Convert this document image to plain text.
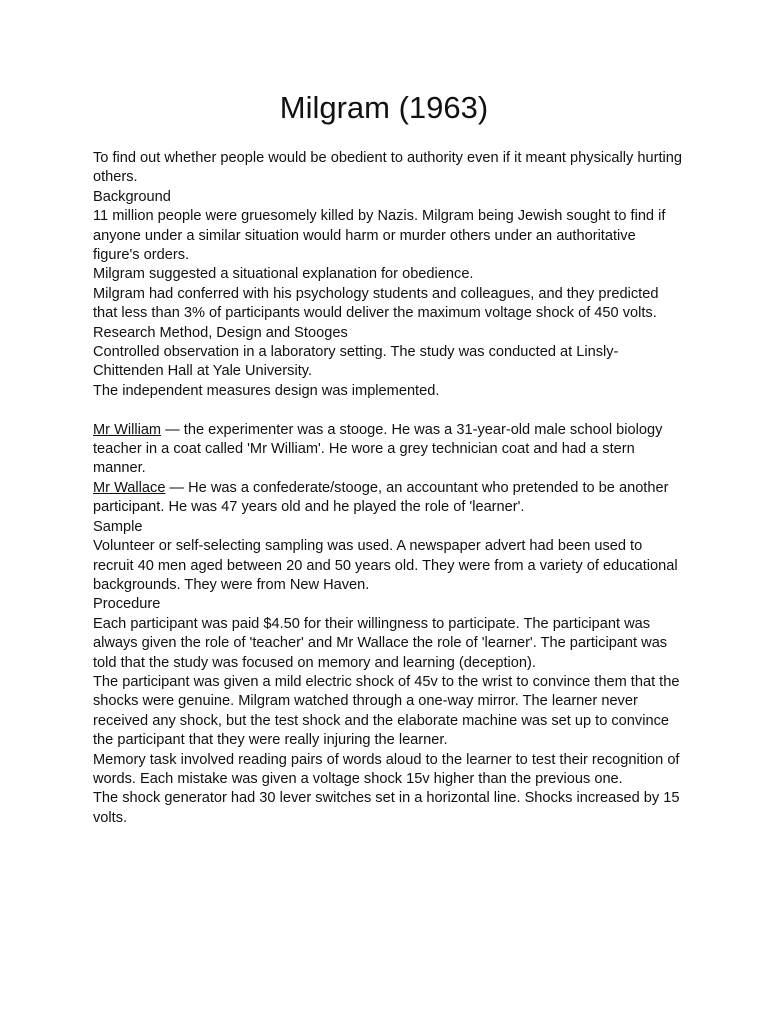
Milgram (1963)

To find out whether people would be obedient to authority even if it meant physically hurting others.

Background

11 million people were gruesomely killed by Nazis. Milgram being Jewish sought to find if anyone under a similar situation would harm or murder others under an authoritative figure's orders.

Milgram suggested a situational explanation for obedience.

Milgram had conferred with his psychology students and colleagues, and they predicted that less than 3% of participants would deliver the maximum voltage shock of 450 volts.

Research Method, Design and Stooges

Controlled observation in a laboratory setting. The study was conducted at Linsly-Chittenden Hall at Yale University.

The independent measures design was implemented.

Mr William — the experimenter was a stooge. He was a 31-year-old male school biology teacher in a coat called 'Mr William'. He wore a grey technician coat and had a stern manner.

Mr Wallace — He was a confederate/stooge, an accountant who pretended to be another participant. He was 47 years old and he played the role of 'learner'.

Sample

Volunteer or self-selecting sampling was used. A newspaper advert had been used to recruit 40 men aged between 20 and 50 years old. They were from a variety of educational backgrounds. They were from New Haven.

Procedure

Each participant was paid $4.50 for their willingness to participate. The participant was always given the role of 'teacher' and Mr Wallace the role of 'learner'. The participant was told that the study was focused on memory and learning (deception).

The participant was given a mild electric shock of 45v to the wrist to convince them that the shocks were genuine. Milgram watched through a one-way mirror. The learner never received any shock, but the test shock and the elaborate machine was set up to convince the participant that they were really injuring the learner.

Memory task involved reading pairs of words aloud to the learner to test their recognition of words. Each mistake was given a voltage shock 15v higher than the previous one.

The shock generator had 30 lever switches set in a horizontal line. Shocks increased by 15 volts.
